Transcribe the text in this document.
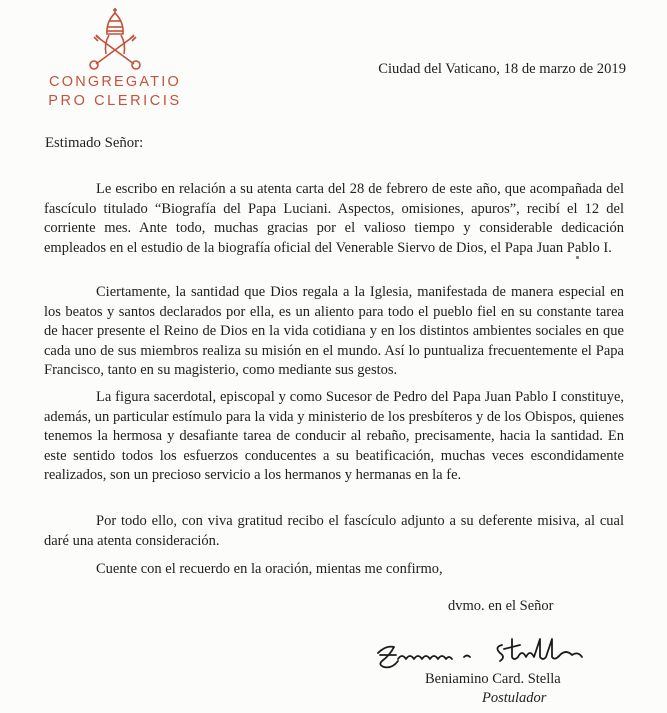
CONGREGATIO
PRO CLERICIS
Ciudad del Vaticano, 18 de marzo de 2019
Estimado Señor:

Le escribo en relación a su atenta carta del 28 de febrero de este año, que acompañada del fascículo titulado “Biografía del Papa Luciani. Aspectos, omisiones, apuros”, recibí el 12 del corriente mes. Ante todo, muchas gracias por el valioso tiempo y considerable dedicación empleados en el estudio de la biografía oficial del Venerable Siervo de Dios, el Papa Juan Pablo I.

Ciertamente, la santidad que Dios regala a la Iglesia, manifestada de manera especial en los beatos y santos declarados por ella, es un aliento para todo el pueblo fiel en su constante tarea de hacer presente el Reino de Dios en la vida cotidiana y en los distintos ambientes sociales en que cada uno de sus miembros realiza su misión en el mundo. Así lo puntualiza frecuentemente el Papa Francisco, tanto en su magisterio, como mediante sus gestos.

La figura sacerdotal, episcopal y como Sucesor de Pedro del Papa Juan Pablo I constituye, además, un particular estímulo para la vida y ministerio de los presbíteros y de los Obispos, quienes tenemos la hermosa y desafiante tarea de conducir al rebaño, precisamente, hacia la santidad. En este sentido todos los esfuerzos conducentes a su beatificación, muchas veces escondidamente realizados, son un precioso servicio a los hermanos y hermanas en la fe.

Por todo ello, con viva gratitud recibo el fascículo adjunto a su deferente misiva, al cual daré una atenta consideración.

Cuente con el recuerdo en la oración, mientas me confirmo,

dvmo. en el Señor
Beniamino Card. Stella
Postulador
